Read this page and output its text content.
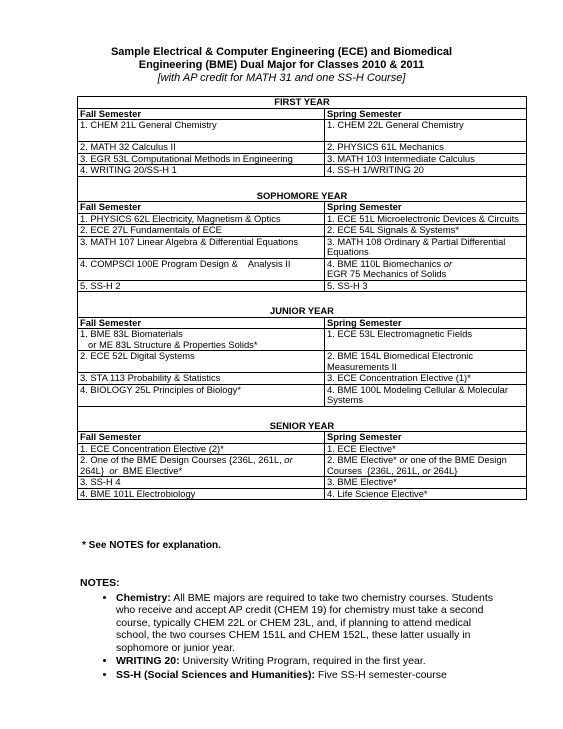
Sample Electrical & Computer Engineering (ECE) and Biomedical
Engineering (BME) Dual Major for Classes 2010 & 2011
[with AP credit for MATH 31 and one SS-H Course]
FIRST YEAR	
Fall Semester	Spring Semester
1. CHEM 21L General Chemistry	1. CHEM 22L General Chemistry
2. MATH 32 Calculus II	2. PHYSICS 61L Mechanics
3. EGR 53L Computational Methods in Engineering	3. MATH 103 Intermediate Calculus
4. WRITING 20/SS-H 1	4. SS-H 1/WRITING 20
SOPHOMORE YEAR	
Fall Semester	Spring Semester
1. PHYSICS 62L Electricity, Magnetism & Optics	1. ECE 51L Microelectronic Devices & Circuits
2. ECE 27L Fundamentals of ECE	2. ECE 54L Signals & Systems*
3. MATH 107 Linear Algebra & Differential Equations	3. MATH 108 Ordinary & Partial Differential Equations
4. COMPSCI 100E Program Design &    Analysis II	4. BME 110L Biomechanics or
EGR 75 Mechanics of Solids
5. SS-H 2	5. SS-H 3
JUNIOR YEAR	
Fall Semester	Spring Semester
1. BME 83L Biomaterials
or ME 83L Structure & Properties Solids*	1. ECE 53L Electromagnetic Fields
2. ECE 52L Digital Systems	2. BME 154L Biomedical Electronic Measurements II
3. STA 113 Probability & Statistics	3. ECE Concentration Elective (1)*
4. BIOLOGY 25L Principles of Biology*	4. BME 100L Modeling Cellular & Molecular Systems
SENIOR YEAR	
Fall Semester	Spring Semester
1. ECE Concentration Elective (2)*	1. ECE Elective*
2. One of the BME Design Courses {236L, 261L, or
264L}  or  BME Elective*	2. BME Elective* or one of the BME Design Courses  {236L, 261L, or 264L}
3. SS-H 4	3. BME Elective*
4. BME 101L Electrobiology	4. Life Science Elective*
* See NOTES for explanation.
NOTES:
• Chemistry: All BME majors are required to take two chemistry courses. Students who receive and accept AP credit (CHEM 19) for chemistry must take a second course, typically CHEM 22L or CHEM 23L, and, if planning to attend medical school, the two courses CHEM 151L and CHEM 152L, these latter usually in sophomore or junior year.
• WRITING 20: University Writing Program, required in the first year.
• SS-H (Social Sciences and Humanities): Five SS-H semester-course
